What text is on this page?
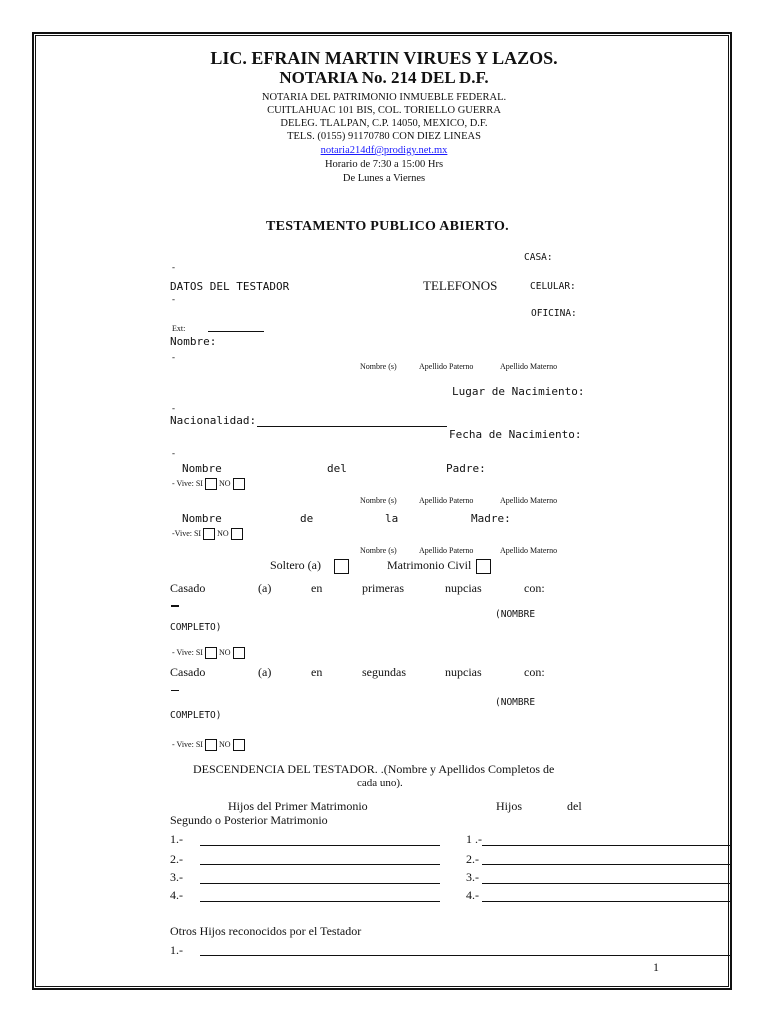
LIC. EFRAIN MARTIN VIRUES Y LAZOS.
NOTARIA No. 214 DEL D.F.
NOTARIA DEL PATRIMONIO INMUEBLE FEDERAL.
CUITLAHUAC 101 BIS, COL. TORIELLO GUERRA
DELEG. TLALPAN, C.P. 14050, MEXICO, D.F.
TELS. (0155) 91170780 CON DIEZ LINEAS
notaria214df@prodigy.net.mx
Horario de 7:30 a 15:00 Hrs
De Lunes a Viernes
TESTAMENTO PUBLICO ABIERTO.
CASA:
-
DATOS DEL TESTADOR	TELEFONOS	CELULAR:
-
OFICINA:
Ext:
Nombre:
-
Nombre (s)	Apellido Paterno	Apellido Materno
Lugar de Nacimiento:
-
Nacionalidad:
Fecha de Nacimiento:
-
Nombre	del	Padre:
- Vive: SI NO
Nombre (s)	Apellido Paterno	Apellido Materno
Nombre	de	la	Madre:
-Vive: SI NO
Nombre (s)	Apellido Paterno	Apellido Materno
Soltero (a)	Matrimonio Civil
Casado	(a)	en	primeras	nupcias	con:
(NOMBRE
COMPLETO)
- Vive: SI NO
Casado	(a)	en	segundas	nupcias	con:
(NOMBRE
COMPLETO)
- Vive: SI NO
DESCENDENCIA DEL TESTADOR. .(Nombre y Apellidos Completos de
cada uno).
Hijos del Primer Matrimonio	Hijos	del
Segundo o Posterior Matrimonio
1.-	1 .-
2.-	2.-
3.-	3.-
4.-	4.-
Otros Hijos reconocidos por el Testador
1.-
1
